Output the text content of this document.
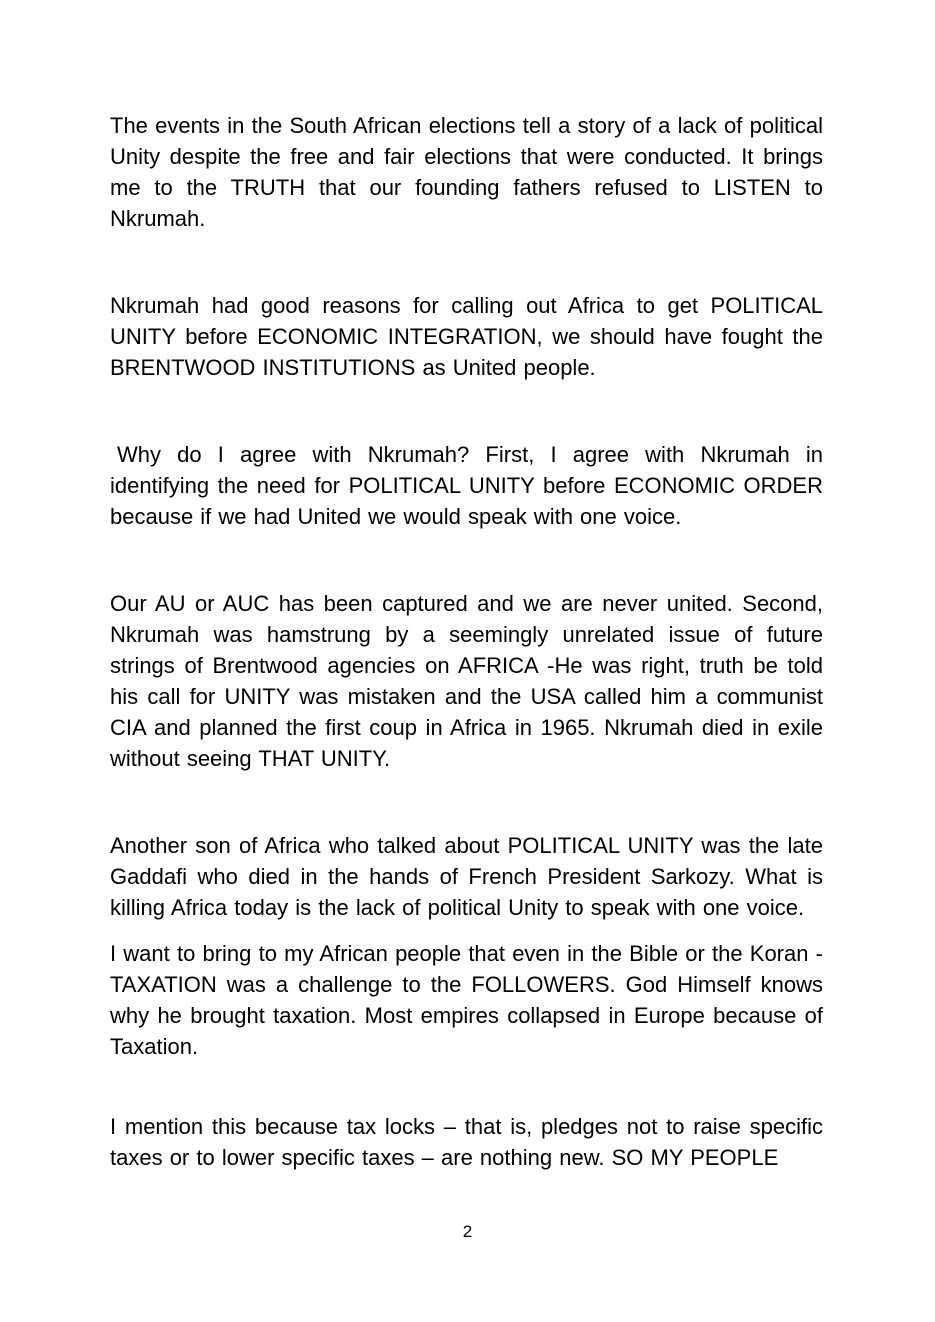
The events in the South African elections tell a story of a lack of political Unity despite the free and fair elections that were conducted. It brings me to the TRUTH that our founding fathers refused to LISTEN to Nkrumah.

Nkrumah had good reasons for calling out Africa to get POLITICAL UNITY before ECONOMIC INTEGRATION, we should have fought the BRENTWOOD INSTITUTIONS as United people.

Why do I agree with Nkrumah? First, I agree with Nkrumah in identifying the need for POLITICAL UNITY before ECONOMIC ORDER because if we had United we would speak with one voice.

Our AU or AUC has been captured and we are never united. Second, Nkrumah was hamstrung by a seemingly unrelated issue of future strings of Brentwood agencies on AFRICA -He was right, truth be told his call for UNITY was mistaken and the USA called him a communist CIA and planned the first coup in Africa in 1965. Nkrumah died in exile without seeing THAT UNITY.

Another son of Africa who talked about POLITICAL UNITY was the late Gaddafi who died in the hands of French President Sarkozy. What is killing Africa today is the lack of political Unity to speak with one voice.

I want to bring to my African people that even in the Bible or the Koran -TAXATION was a challenge to the FOLLOWERS. God Himself knows why he brought taxation. Most empires collapsed in Europe because of Taxation.

I mention this because tax locks – that is, pledges not to raise specific taxes or to lower specific taxes – are nothing new. SO MY PEOPLE

2
